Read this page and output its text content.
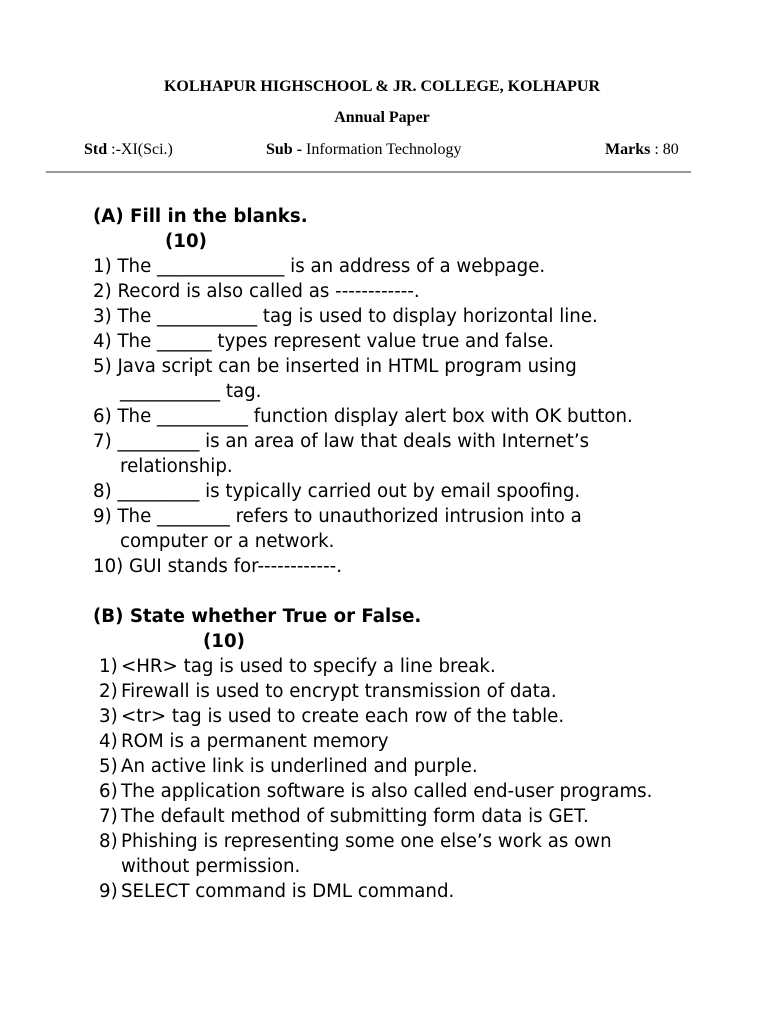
KOLHAPUR HIGHSCHOOL & JR. COLLEGE, KOLHAPUR
Annual Paper
Std :-XI(Sci.)	Sub - Information Technology	Marks : 80

(A) Fill in the blanks.

(10)

1) The ______________ is an address of a webpage.

2) Record is also called as ------------.

3) The ___________ tag is used to display horizontal line.

4) The ______ types represent value true and false.

5) Java script can be inserted in HTML program using ___________ tag.

6) The __________ function display alert box with OK button.

7) _________ is an area of law that deals with Internet’s relationship.

8) _________ is typically carried out by email spoofing.

9) The ________ refers to unauthorized intrusion into a computer or a network.

10) GUI stands for------------.

(B) State whether True or False.

(10)

1) <HR> tag is used to specify a line break.

2) Firewall is used to encrypt transmission of data.

3) <tr> tag is used to create each row of the table.

4) ROM is a permanent memory

5) An active link is underlined and purple.

6) The application software is also called end-user programs.

7) The default method of submitting form data is GET.

8) Phishing is representing some one else’s work as own without permission.

9) SELECT command is DML command.
